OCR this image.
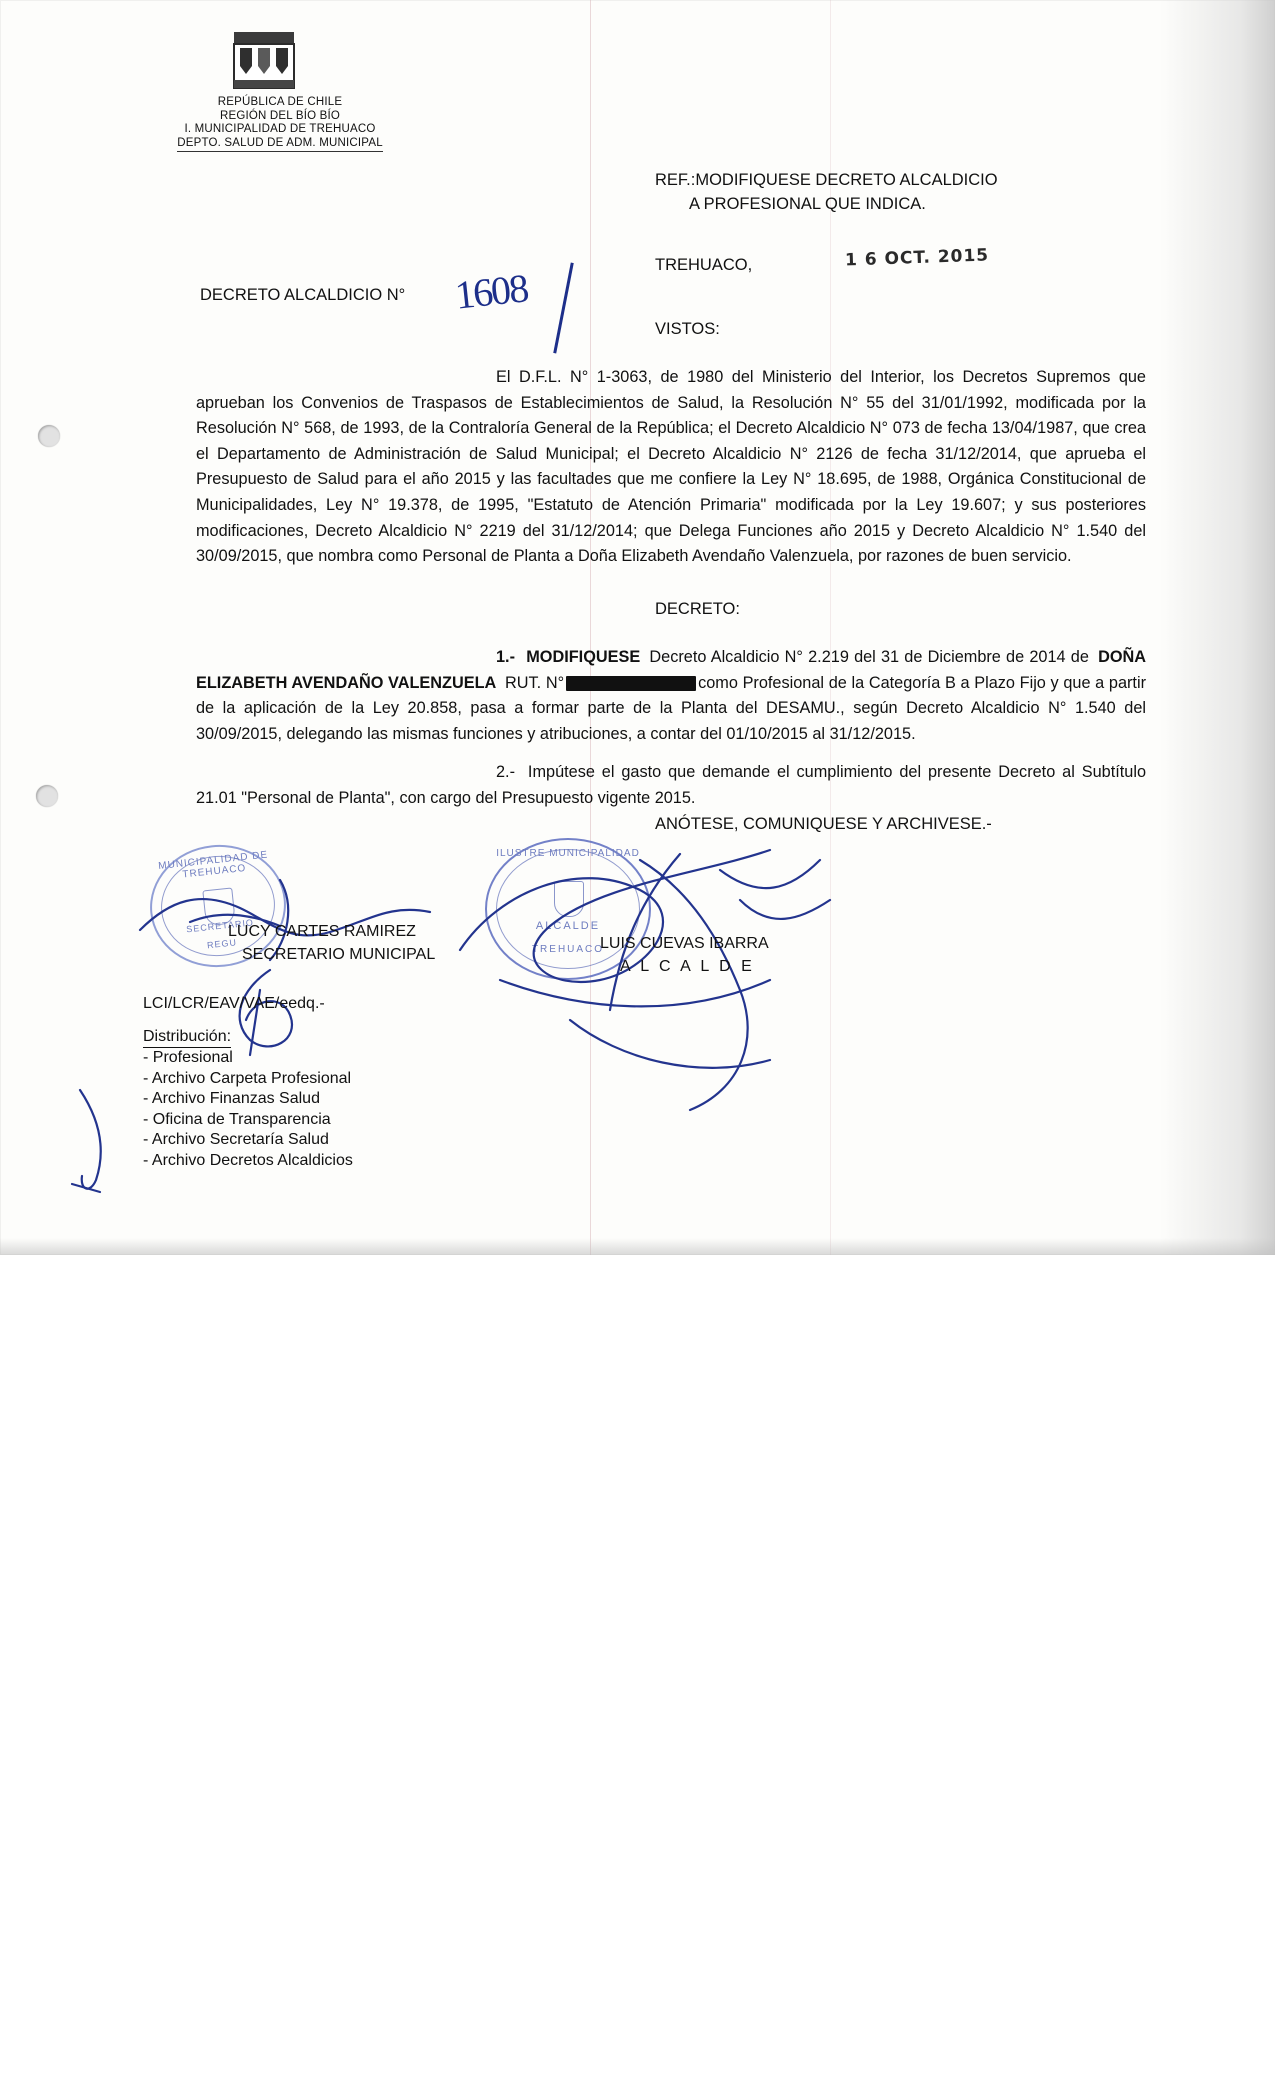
REPÚBLICA DE CHILE
REGIÓN DEL BÍO BÍO
I. MUNICIPALIDAD DE TREHUACO
DEPTO. SALUD DE ADM. MUNICIPAL
REF.:MODIFIQUESE DECRETO ALCALDICIO
A PROFESIONAL QUE INDICA.
TREHUACO,	1 6 OCT. 2015
DECRETO ALCALDICIO N° 1608
VISTOS:
El D.F.L. N° 1-3063, de 1980 del Ministerio del Interior, los Decretos Supremos que aprueban los Convenios de Traspasos de Establecimientos de Salud, la Resolución N° 55 del 31/01/1992, modificada por la Resolución N° 568, de 1993, de la Contraloría General de la República; el Decreto Alcaldicio N° 073 de fecha 13/04/1987, que crea el Departamento de Administración de Salud Municipal; el Decreto Alcaldicio N° 2126 de fecha 31/12/2014, que aprueba el Presupuesto de Salud para el año 2015 y las facultades que me confiere la Ley N° 18.695, de 1988, Orgánica Constitucional de Municipalidades, Ley N° 19.378, de 1995, "Estatuto de Atención Primaria" modificada por la Ley 19.607; y sus posteriores modificaciones, Decreto Alcaldicio N° 2219 del 31/12/2014; que Delega Funciones año 2015 y Decreto Alcaldicio N° 1.540 del 30/09/2015, que nombra como Personal de Planta a Doña Elizabeth Avendaño Valenzuela, por razones de buen servicio.
DECRETO:
1.- MODIFIQUESE Decreto Alcaldicio N° 2.219 del 31 de Diciembre de 2014 de DOÑA ELIZABETH AVENDAÑO VALENZUELA RUT. N°	como Profesional de la Categoría B a Plazo Fijo y que a partir de la aplicación de la Ley 20.858, pasa a formar parte de la Planta del DESAMU., según Decreto Alcaldicio N° 1.540 del 30/09/2015, delegando las mismas funciones y atribuciones, a contar del 01/10/2015 al 31/12/2015.
2.- Impútese el gasto que demande el cumplimiento del presente Decreto al Subtítulo 21.01 "Personal de Planta", con cargo del Presupuesto vigente 2015.
ANÓTESE, COMUNIQUESE Y ARCHIVESE.-
MUNICIPALIDAD DE TREHUACO
SECRETARIO
REGU
ILUSTRE MUNICIPALIDAD
ALCALDE
TREHUACO
LUCY CARTES RAMIREZ
SECRETARIO MUNICIPAL
LUIS CUEVAS IBARRA
A L C A L D E
LCI/LCR/EAV/VAE/eedq.-
Distribución:
- Profesional
- Archivo Carpeta Profesional
- Archivo Finanzas Salud
- Oficina de Transparencia
- Archivo Secretaría Salud
- Archivo Decretos Alcaldicios
